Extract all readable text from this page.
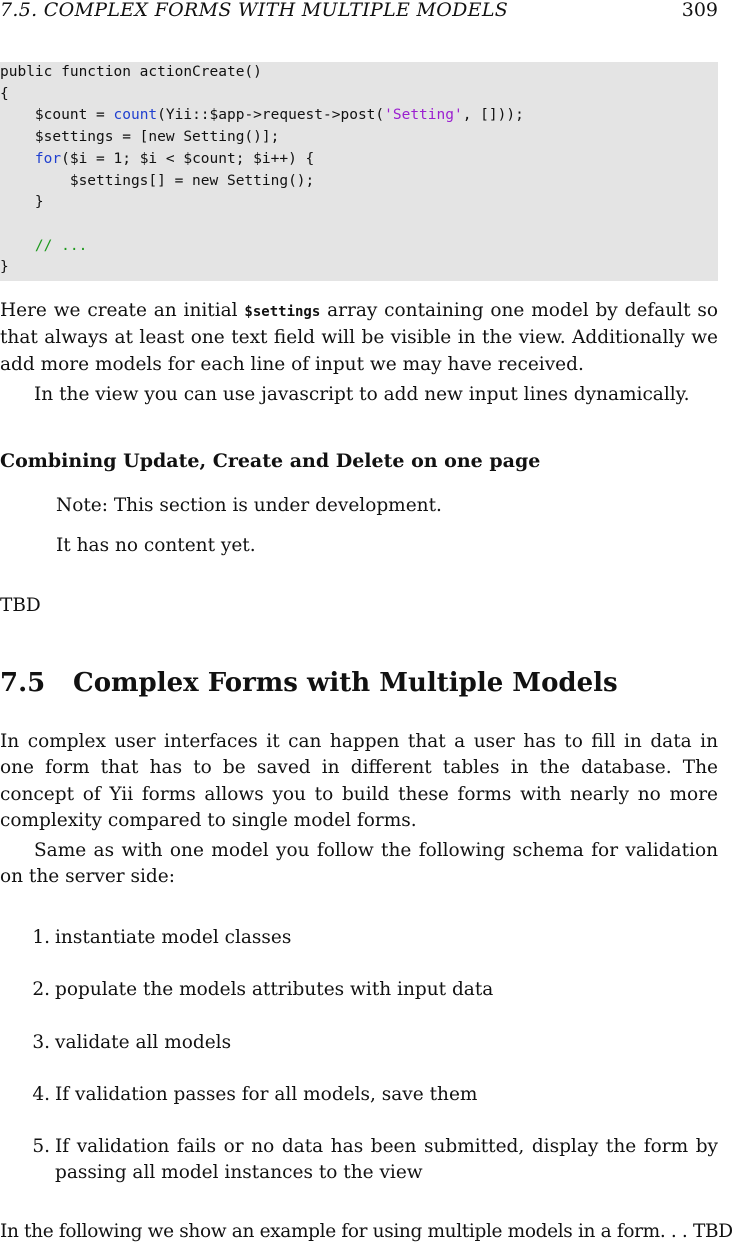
7.5. COMPLEX FORMS WITH MULTIPLE MODELS	309
public function actionCreate()
{
$count = count(Yii::$app->request->post('Setting', []));
$settings = [new Setting()];
for($i = 1; $i < $count; $i++) {
$settings[] = new Setting();
}

// ...
}
Here we create an initial $settings array containing one model by default so that always at least one text field will be visible in the view. Additionally we add more models for each line of input we may have received.
In the view you can use javascript to add new input lines dynamically.
Combining Update, Create and Delete on one page
Note: This section is under development.
It has no content yet.
TBD
7.5 Complex Forms with Multiple Models
In complex user interfaces it can happen that a user has to fill in data in one form that has to be saved in different tables in the database. The concept of Yii forms allows you to build these forms with nearly no more complexity compared to single model forms.
Same as with one model you follow the following schema for validation on the server side:
1. instantiate model classes
2. populate the models attributes with input data
3. validate all models
4. If validation passes for all models, save them
5. If validation fails or no data has been submitted, display the form by passing all model instances to the view
In the following we show an example for using multiple models in a form. . . TBD
